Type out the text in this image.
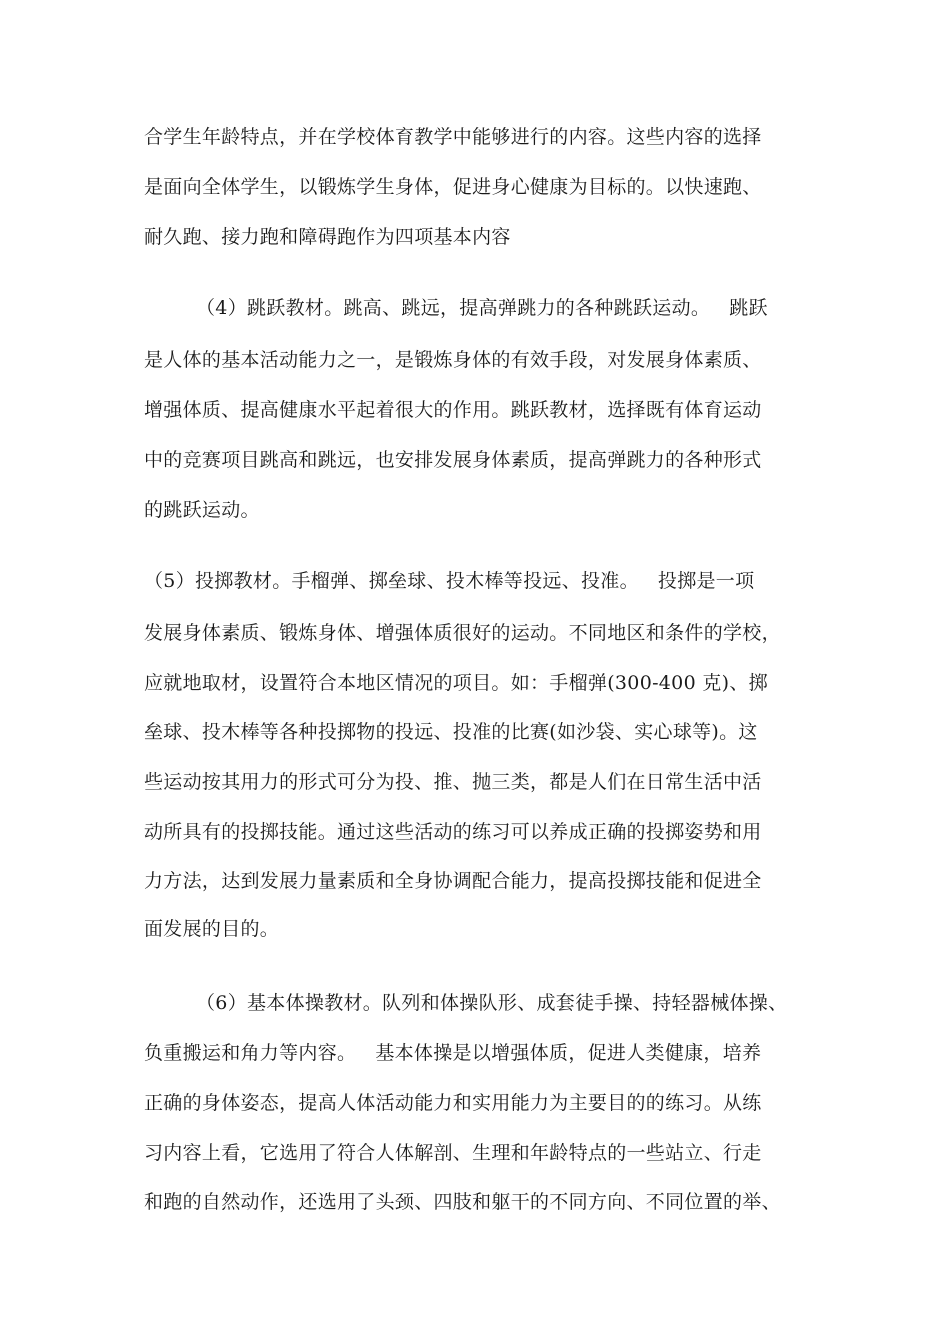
合学生年龄特点，并在学校体育教学中能够进行的内容。这些内容的选择
是面向全体学生，以锻炼学生身体，促进身心健康为目标的。以快速跑、
耐久跑、接力跑和障碍跑作为四项基本内容
（4）跳跃教材。跳高、跳远，提高弹跳力的各种跳跃运动。   跳跃
是人体的基本活动能力之一，是锻炼身体的有效手段，对发展身体素质、
增强体质、提高健康水平起着很大的作用。跳跃教材，选择既有体育运动
中的竞赛项目跳高和跳远，也安排发展身体素质，提高弹跳力的各种形式
的跳跃运动。
（5）投掷教材。手榴弹、掷垒球、投木棒等投远、投准。   投掷是一项
发展身体素质、锻炼身体、增强体质很好的运动。不同地区和条件的学校，
应就地取材，设置符合本地区情况的项目。如：手榴弹(300-400 克)、掷
垒球、投木棒等各种投掷物的投远、投准的比赛(如沙袋、实心球等)。这
些运动按其用力的形式可分为投、推、抛三类，都是人们在日常生活中活
动所具有的投掷技能。通过这些活动的练习可以养成正确的投掷姿势和用
力方法，达到发展力量素质和全身协调配合能力，提高投掷技能和促进全
面发展的目的。
（6）基本体操教材。队列和体操队形、成套徒手操、持轻器械体操、
负重搬运和角力等内容。   基本体操是以增强体质，促进人类健康，培养
正确的身体姿态，提高人体活动能力和实用能力为主要目的的练习。从练
习内容上看，它选用了符合人体解剖、生理和年龄特点的一些站立、行走
和跑的自然动作，还选用了头颈、四肢和躯干的不同方向、不同位置的举、
